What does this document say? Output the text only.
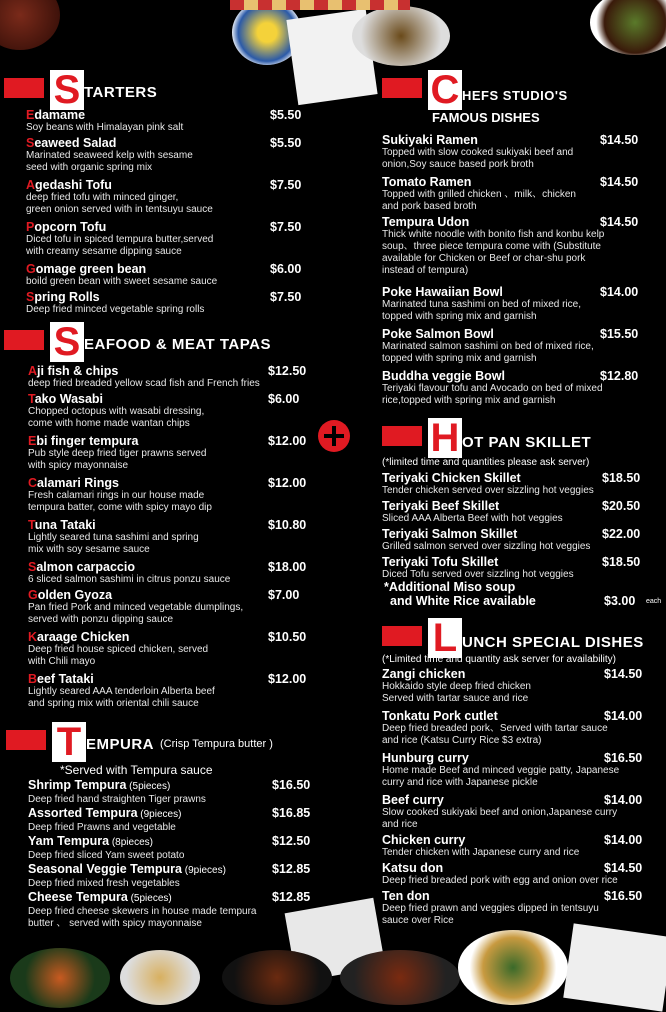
S TARTERS
S EAFOOD & MEAT TAPAS
T EMPURA (Crisp Tempura butter )
*Served with Tempura sauce
C HEFS STUDIO'S
FAMOUS DISHES
H OT PAN SKILLET
(*limited time and quantities please ask server)
L UNCH SPECIAL DISHES
(*Limited time and quantity ask server for availability)
*Additional Miso soup
and White Rice available	$3.00 each
Edamame	$5.50
Soy beans with Himalayan pink salt
Seaweed Salad	$5.50
Marinated seaweed kelp with sesame
seed with organic spring mix
Agedashi Tofu	$7.50
deep fried tofu with minced ginger,
green onion served with in tentsuyu sauce
Popcorn Tofu	$7.50
Diced tofu in spiced tempura butter,served
with creamy sesame dipping sauce
Gomage green bean	$6.00
boild green bean with sweet sesame sauce
Spring Rolls	$7.50
Deep fried minced vegetable spring rolls
Aji fish & chips	$12.50
deep fried breaded yellow scad fish and French fries
Tako Wasabi	$6.00
Chopped octopus with wasabi dressing,
come with home made wantan chips
Ebi finger tempura	$12.00
Pub style deep fried tiger prawns served
with spicy mayonnaise
Calamari Rings	$12.00
Fresh calamari rings in our house made
tempura batter, come with spicy mayo dip
Tuna Tataki	$10.80
Lightly seared tuna sashimi and spring
mix with soy sesame sauce
Salmon carpaccio	$18.00
6 sliced salmon sashimi in citrus ponzu sauce
Golden Gyoza	$7.00
Pan fried Pork and minced vegetable dumplings,
served with ponzu dipping sauce
Karaage Chicken	$10.50
Deep fried house spiced chicken, served
with Chili mayo
Beef Tataki	$12.00
Lightly seared AAA tenderloin Alberta beef
and spring mix with oriental chili sauce
Shrimp Tempura (5pieces)	$16.50
Deep fried hand straighten Tiger prawns
Assorted Tempura (9pieces)	$16.85
Deep fried Prawns and vegetable
Yam Tempura (8pieces)	$12.50
Deep fried sliced Yam sweet potato
Seasonal Veggie Tempura (9pieces)	$12.85
Deep fried mixed fresh vegetables
Cheese Tempura (5pieces)	$12.85
Deep fried cheese skewers in house made tempura
butter 、 served with spicy mayonnaise
Sukiyaki Ramen	$14.50
Topped with slow cooked sukiyaki beef and
onion,Soy sauce based pork broth
Tomato Ramen	$14.50
Topped with grilled chicken 、milk、chicken
and pork based broth
Tempura Udon	$14.50
Thick white noodle with bonito fish and konbu kelp
soup、three piece tempura come with (Substitute
available for Chicken or Beef or char-shu pork
instead of tempura)
Poke Hawaiian Bowl	$14.00
Marinated tuna sashimi on bed of mixed rice,
topped with spring mix and garnish
Poke Salmon Bowl	$15.50
Marinated salmon sashimi on bed of mixed rice,
topped with spring mix and garnish
Buddha veggie Bowl	$12.80
Teriyaki flavour tofu and Avocado on bed of mixed
rice,topped with spring mix and garnish
Teriyaki Chicken Skillet	$18.50
Tender chicken served over sizzling hot veggies
Teriyaki Beef Skillet	$20.50
Sliced AAA Alberta Beef with hot veggies
Teriyaki Salmon Skillet	$22.00
Grilled salmon served over sizzling hot veggies
Teriyaki Tofu Skillet	$18.50
Diced Tofu served over sizzling hot veggies
Zangi chicken	$14.50
Hokkaido style deep fried chicken
Served with tartar sauce and rice
Tonkatu Pork cutlet	$14.00
Deep fried breaded pork、Served with tartar sauce
and rice (Katsu Curry Rice $3 extra)
Hunburg curry	$16.50
Home made Beef and minced veggie patty, Japanese
curry and rice with Japanese pickle
Beef curry	$14.00
Slow cooked sukiyaki beef and onion,Japanese curry
and rice
Chicken curry	$14.00
Tender chicken with Japanese curry and rice
Katsu don	$14.50
Deep fried breaded pork with egg and onion over rice
Ten don	$16.50
Deep fried prawn and veggies dipped in tentsuyu
sauce over Rice
